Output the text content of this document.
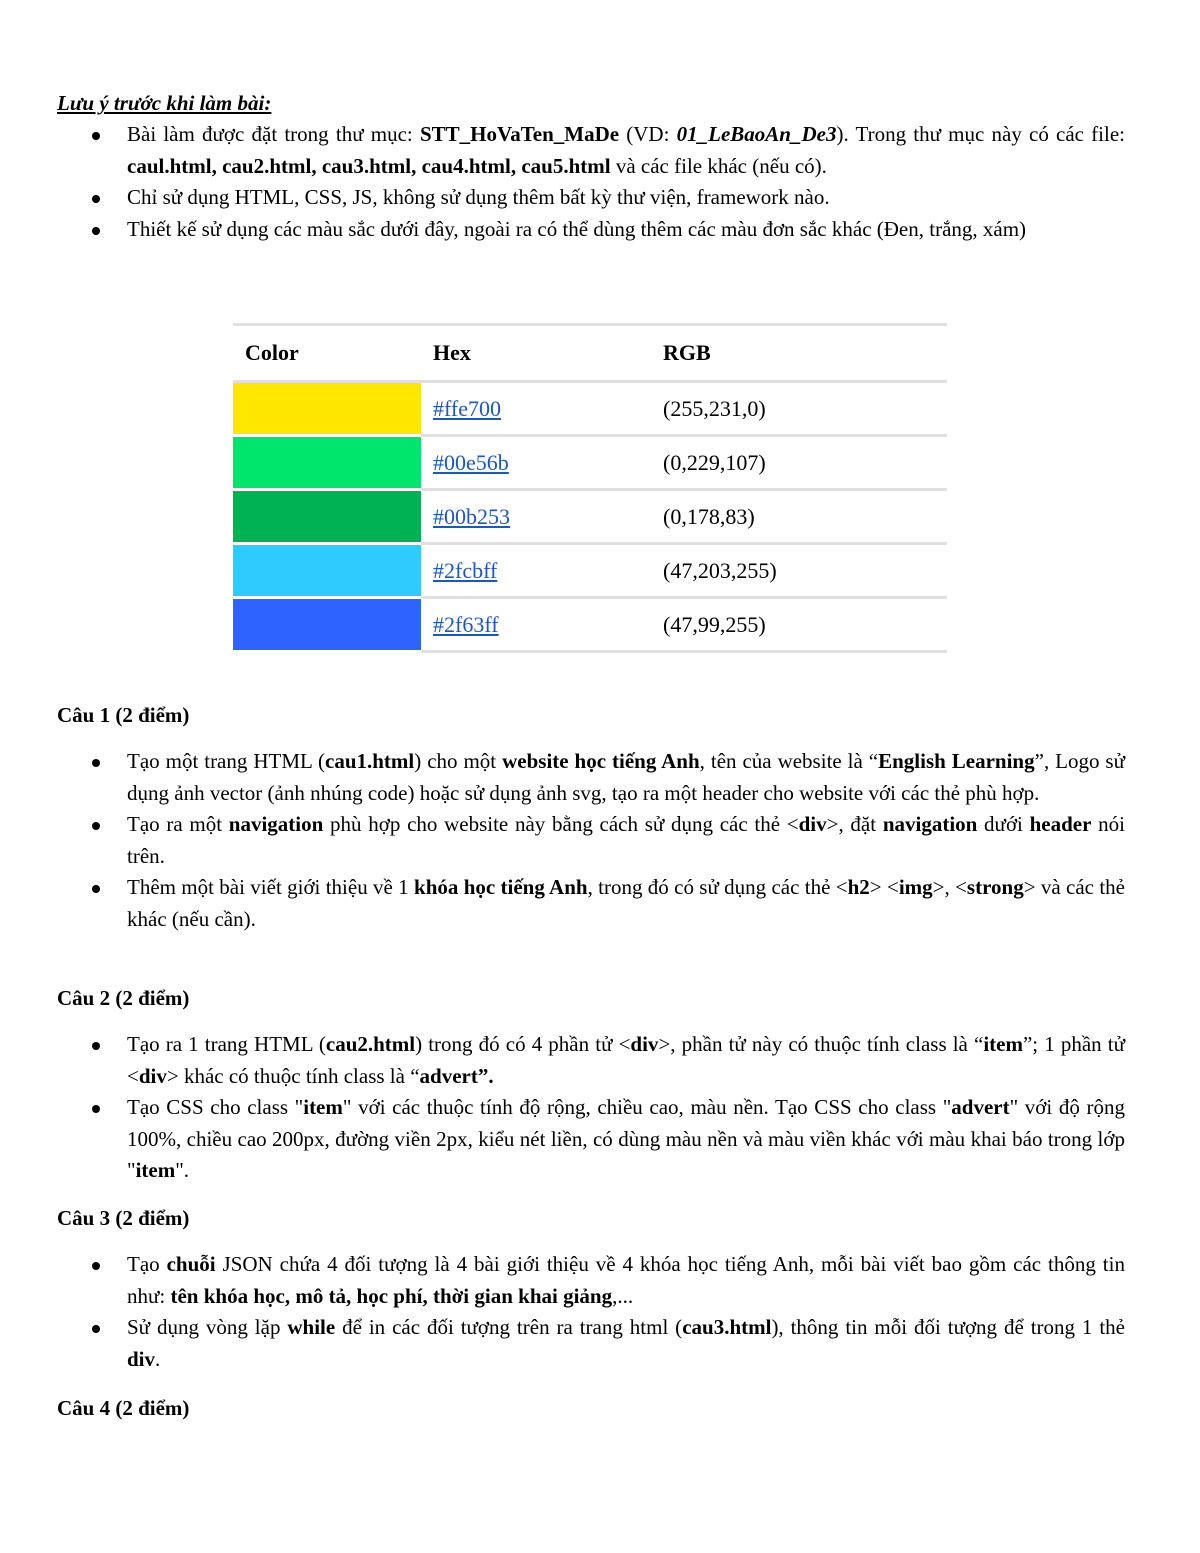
Lưu ý trước khi làm bài:

Bài làm được đặt trong thư mục: STT_HoVaTen_MaDe (VD: 01_LeBaoAn_De3). Trong thư mục này có các file: caul.html, cau2.html, cau3.html, cau4.html, cau5.html và các file khác (nếu có).
Chỉ sử dụng HTML, CSS, JS, không sử dụng thêm bất kỳ thư viện, framework nào.
Thiết kế sử dụng các màu sắc dưới đây, ngoài ra có thể dùng thêm các màu đơn sắc khác (Đen, trắng, xám)
Color	Hex	RGB
	#ffe700	(255,231,0)
	#00e56b	(0,229,107)
	#00b253	(0,178,83)
	#2fcbff	(47,203,255)
	#2f63ff	(47,99,255)

Câu 1 (2 điểm)

Tạo một trang HTML (cau1.html) cho một website học tiếng Anh, tên của website là “English Learning”, Logo sử dụng ảnh vector (ảnh nhúng code) hoặc sử dụng ảnh svg, tạo ra một header cho website với các thẻ phù hợp.
Tạo ra một navigation phù hợp cho website này bằng cách sử dụng các thẻ <div>, đặt navigation dưới header nói trên.
Thêm một bài viết giới thiệu về 1 khóa học tiếng Anh, trong đó có sử dụng các thẻ <h2> <img>, <strong> và các thẻ khác (nếu cần).

Câu 2 (2 điểm)

Tạo ra 1 trang HTML (cau2.html) trong đó có 4 phần tử <div>, phần tử này có thuộc tính class là “item”; 1 phần tử <div> khác có thuộc tính class là “advert”.
Tạo CSS cho class "item" với các thuộc tính độ rộng, chiều cao, màu nền. Tạo CSS cho class "advert" với độ rộng 100%, chiều cao 200px, đường viền 2px, kiểu nét liền, có dùng màu nền và màu viền khác với màu khai báo trong lớp "item".

Câu 3 (2 điểm)

Tạo chuỗi JSON chứa 4 đối tượng là 4 bài giới thiệu về 4 khóa học tiếng Anh, mỗi bài viết bao gồm các thông tin như: tên khóa học, mô tả, học phí, thời gian khai giảng,...
Sử dụng vòng lặp while để in các đối tượng trên ra trang html (cau3.html), thông tin mỗi đối tượng để trong 1 thẻ div.

Câu 4 (2 điểm)
